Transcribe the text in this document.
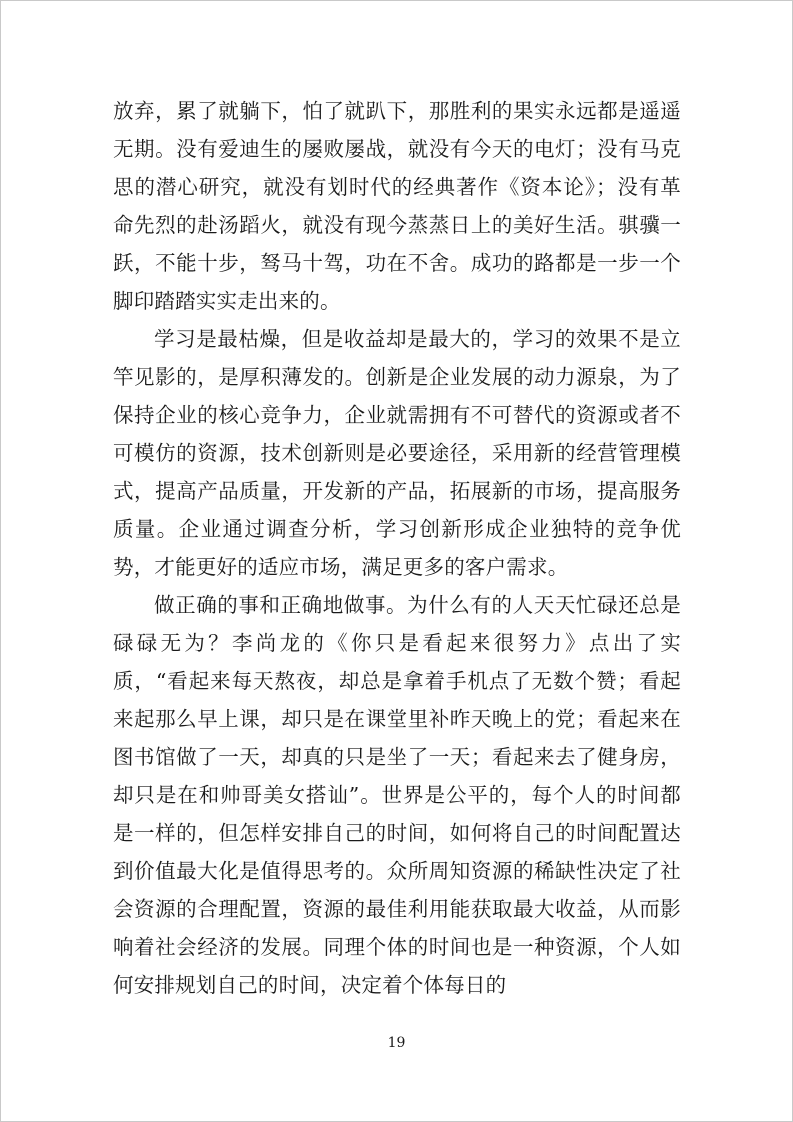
放弃，累了就躺下，怕了就趴下，那胜利的果实永远都是遥遥无期。没有爱迪生的屡败屡战，就没有今天的电灯；没有马克思的潜心研究，就没有划时代的经典著作《资本论》；没有革命先烈的赴汤蹈火，就没有现今蒸蒸日上的美好生活。骐骥一跃，不能十步，驽马十驾，功在不舍。成功的路都是一步一个脚印踏踏实实走出来的。

学习是最枯燥，但是收益却是最大的，学习的效果不是立竿见影的，是厚积薄发的。创新是企业发展的动力源泉，为了保持企业的核心竞争力，企业就需拥有不可替代的资源或者不可模仿的资源，技术创新则是必要途径，采用新的经营管理模式，提高产品质量，开发新的产品，拓展新的市场，提高服务质量。企业通过调查分析，学习创新形成企业独特的竞争优势，才能更好的适应市场，满足更多的客户需求。

做正确的事和正确地做事。为什么有的人天天忙碌还总是碌碌无为？李尚龙的《你只是看起来很努力》点出了实质，“看起来每天熬夜，却总是拿着手机点了无数个赞；看起来起那么早上课，却只是在课堂里补昨天晚上的党；看起来在图书馆做了一天，却真的只是坐了一天；看起来去了健身房，却只是在和帅哥美女搭讪”。世界是公平的，每个人的时间都是一样的，但怎样安排自己的时间，如何将自己的时间配置达到价值最大化是值得思考的。众所周知资源的稀缺性决定了社会资源的合理配置，资源的最佳利用能获取最大收益，从而影响着社会经济的发展。同理个体的时间也是一种资源，个人如何安排规划自己的时间，决定着个体每日的

19
